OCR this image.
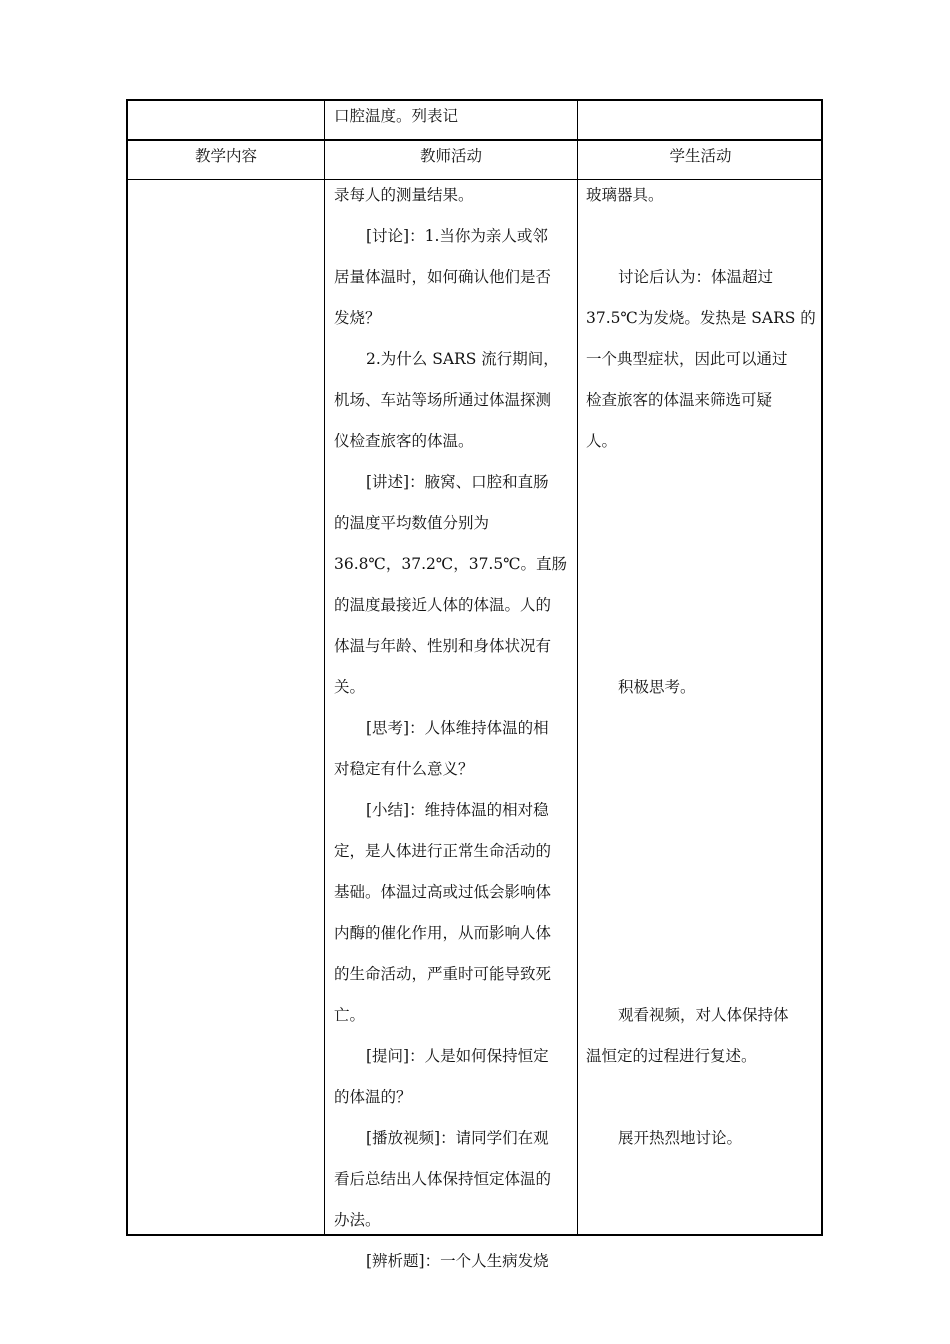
口腔温度。列表记
教学内容	教师活动	学生活动
录每人的测量结果。
[讨论]：1.当你为亲人或邻
居量体温时，如何确认他们是否
发烧？
2.为什么 SARS 流行期间，
机场、车站等场所通过体温探测
仪检查旅客的体温。
[讲述]：腋窝、口腔和直肠
的温度平均数值分别为
36.8℃，37.2℃，37.5℃。直肠
的温度最接近人体的体温。人的
体温与年龄、性别和身体状况有
关。
[思考]：人体维持体温的相
对稳定有什么意义？
[小结]：维持体温的相对稳
定，是人体进行正常生命活动的
基础。体温过高或过低会影响体
内酶的催化作用，从而影响人体
的生命活动，严重时可能导致死
亡。
[提问]：人是如何保持恒定
的体温的？
[播放视频]：请同学们在观
看后总结出人体保持恒定体温的
办法。
[辨析题]：一个人生病发烧
玻璃器具。
讨论后认为：体温超过
37.5℃为发烧。发热是 SARS 的
一个典型症状，因此可以通过
检查旅客的体温来筛选可疑
人。
积极思考。
观看视频，对人体保持体
温恒定的过程进行复述。
展开热烈地讨论。
